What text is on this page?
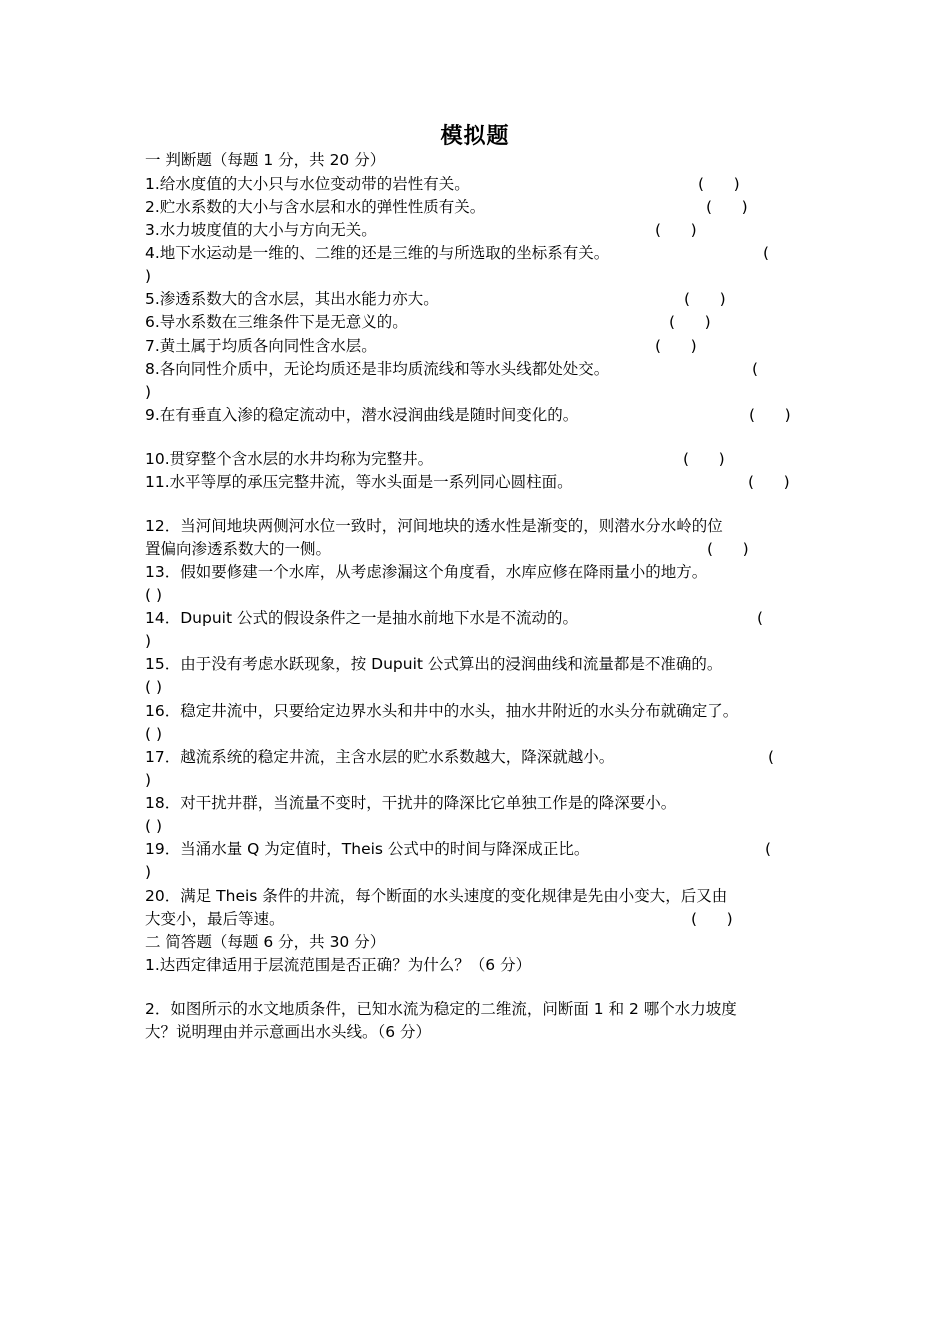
模拟题
一 判断题（每题 1 分，共 20 分）
1.给水度值的大小只与水位变动带的岩性有关。	(      )
2.贮水系数的大小与含水层和水的弹性性质有关。	(      )
3.水力坡度值的大小与方向无关。	(      )
4.地下水运动是一维的、二维的还是三维的与所选取的坐标系有关。	(
)
5.渗透系数大的含水层，其出水能力亦大。	(      )
6.导水系数在三维条件下是无意义的。	(      )
7.黄土属于均质各向同性含水层。	(      )
8.各向同性介质中，无论均质还是非均质流线和等水头线都处处交。	(
)
9.在有垂直入渗的稳定流动中，潜水浸润曲线是随时间变化的。	(      )
10.贯穿整个含水层的水井均称为完整井。	(      )
11.水平等厚的承压完整井流，等水头面是一系列同心圆柱面。	(      )
12．当河间地块两侧河水位一致时，河间地块的透水性是渐变的，则潜水分水岭的位
置偏向渗透系数大的一侧。	(      )
13．假如要修建一个水库，从考虑渗漏这个角度看，水库应修在降雨量小的地方。
( )
14．Dupuit 公式的假设条件之一是抽水前地下水是不流动的。	(
)
15．由于没有考虑水跃现象，按 Dupuit 公式算出的浸润曲线和流量都是不准确的。
( )
16．稳定井流中，只要给定边界水头和井中的水头，抽水井附近的水头分布就确定了。
( )
17．越流系统的稳定井流，主含水层的贮水系数越大，降深就越小。	(
)
18．对干扰井群，当流量不变时，干扰井的降深比它单独工作是的降深要小。
( )
19．当涌水量 Q 为定值时，Theis 公式中的时间与降深成正比。	(
)
20．满足 Theis 条件的井流，每个断面的水头速度的变化规律是先由小变大，后又由
大变小，最后等速。	(      )
二 简答题（每题 6 分，共 30 分）
1.达西定律适用于层流范围是否正确？为什么？（6 分）
2．如图所示的水文地质条件，已知水流为稳定的二维流，问断面 1 和 2 哪个水力坡度
大？说明理由并示意画出水头线。（6 分）
